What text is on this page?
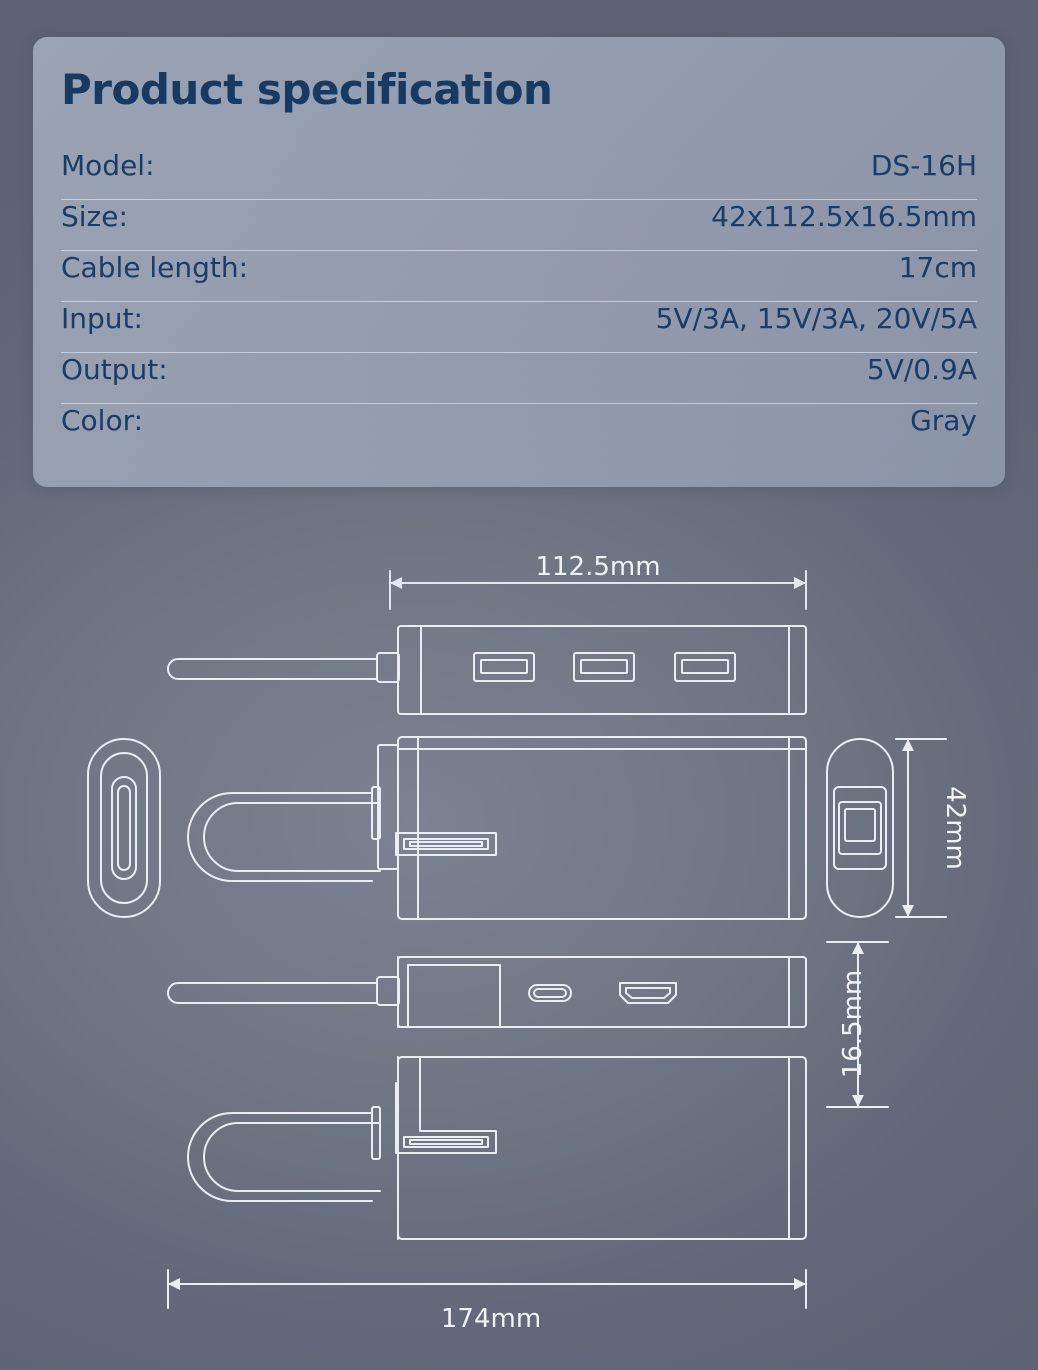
Product specification
Model:	DS-16H
Size:	42x112.5x16.5mm
Cable length:	17cm
Input:	5V/3A, 15V/3A, 20V/5A
Output:	5V/0.9A
Color:	Gray
112.5mm
42mm
16.5mm
174mm
